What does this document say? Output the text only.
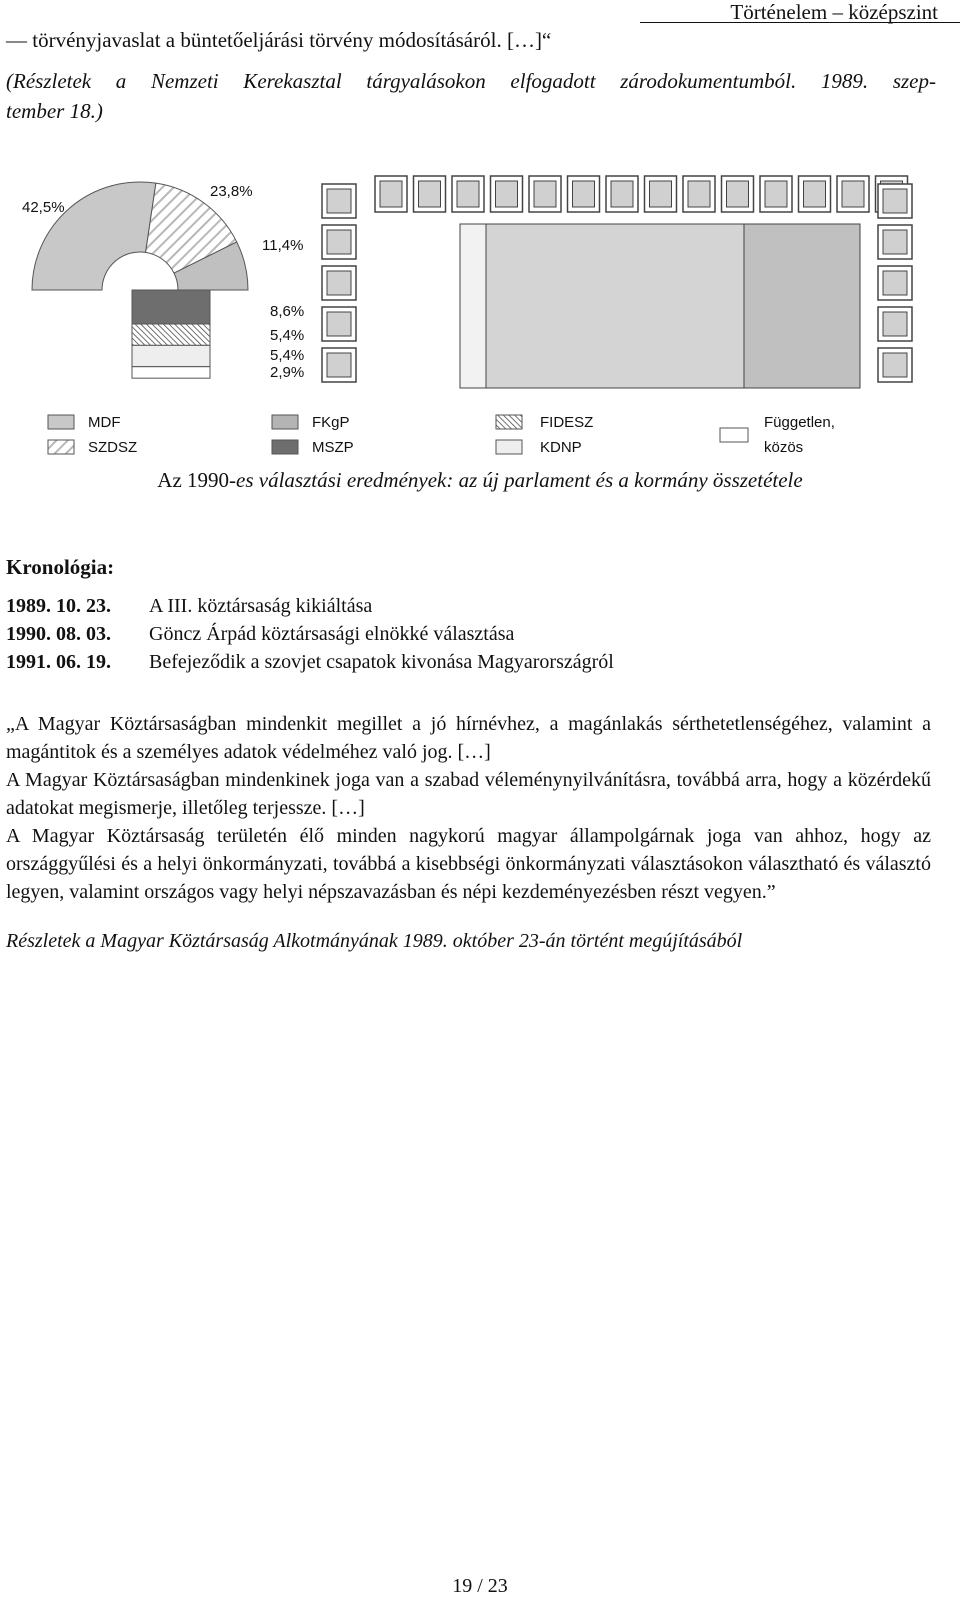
Történelem – középszint
— törvényjavaslat a büntetőeljárási törvény módosításáról. […]“
(Részletek a Nemzeti Kerekasztal tárgyalásokon elfogadott zárodokumentumból. 1989. szep-
tember 18.)
42,5%
23,8%
11,4%
8,6%
5,4%
5,4%
2,9%
MDF
SZDSZ
FKgP
MSZP
FIDESZ
KDNP
Független,
közös
Az 1990-es választási eredmények: az új parlament és a kormány összetétele
Kronológia:
1989. 10. 23. A III. köztársaság kikiáltása
1990. 08. 03. Göncz Árpád köztársasági elnökké választása
1991. 06. 19. Befejeződik a szovjet csapatok kivonása Magyarországról

„A Magyar Köztársaságban mindenkit megillet a jó hírnévhez, a magánlakás sérthetetlenségéhez, valamint a magántitok és a személyes adatok védelméhez való jog. […]

A Magyar Köztársaságban mindenkinek joga van a szabad véleménynyilvánításra, továbbá arra, hogy a közérdekű adatokat megismerje, illetőleg terjessze. […]

A Magyar Köztársaság területén élő minden nagykorú magyar állampolgárnak joga van ahhoz, hogy az országgyűlési és a helyi önkormányzati, továbbá a kisebbségi önkormányzati választásokon választható és választó legyen, valamint országos vagy helyi népszavazásban és népi kezdeményezésben részt vegyen.”

Részletek a Magyar Köztársaság Alkotmányának 1989. október 23-án történt megújításából
19 / 23
